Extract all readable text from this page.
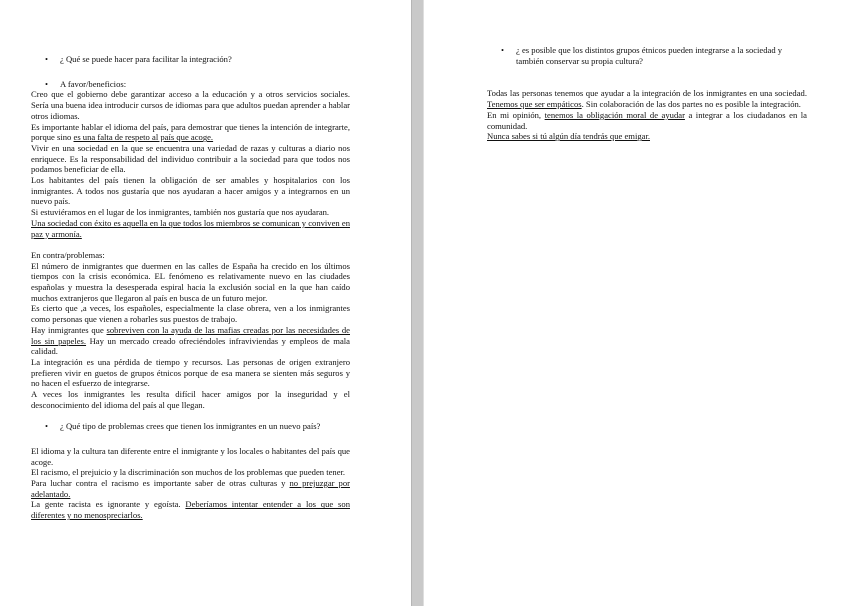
• ¿ Qué se puede hacer para facilitar la integración?

• A favor/beneficios:

Creo que el gobierno debe garantizar acceso a la educación y a otros servicios sociales. Sería una buena idea introducir cursos de idiomas para que adultos puedan aprender a hablar otros idiomas.

Es importante hablar el idioma del país, para demostrar que tienes la intención de integrarte, porque sino es una falta de respeto al país que acoge.

Vivir en una sociedad en la que se encuentra una variedad de razas y culturas a diario nos enriquece. Es la responsabilidad del individuo contribuir a la sociedad para que todos nos podamos beneficiar de ella.

Los habitantes del país tienen la obligación de ser amables y hospitalarios con los inmigrantes. A todos nos gustaría que nos ayudaran a hacer amigos y a integrarnos en un nuevo país.

Si estuviéramos en el lugar de los inmigrantes, también nos gustaría que nos ayudaran.

Una sociedad con éxito es aquella en la que todos los miembros se comunican y conviven en paz y armonía.

En contra/problemas:

El número de inmigrantes que duermen en las calles de España ha crecido en los últimos tiempos con la crisis económica. EL fenómeno es relativamente nuevo en las ciudades españolas y muestra la desesperada espiral hacia la exclusión social en la que han caído muchos extranjeros que llegaron al país en busca de un futuro mejor.

Es cierto que ,a veces, los españoles, especialmente la clase obrera, ven a los inmigrantes como personas que vienen a robarles sus puestos de trabajo.

Hay inmigrantes que sobreviven con la ayuda de las mafias creadas por las necesidades de los sin papeles. Hay un mercado creado ofreciéndoles infraviviendas y empleos de mala calidad.

La integración es una pérdida de tiempo y recursos. Las personas de origen extranjero prefieren vivir en guetos de grupos étnicos porque de esa manera se sienten más seguros y no hacen el esfuerzo de integrarse.

A veces los inmigrantes les resulta difícil hacer amigos por la inseguridad y el desconocimiento del idioma del país al que llegan.

• ¿ Qué tipo de problemas crees que tienen los inmigrantes en un nuevo país?

El idioma y la cultura tan diferente entre el inmigrante y los locales o habitantes del país que acoge.

El racismo, el prejuicio y la discriminación son muchos de los problemas que pueden tener.

Para luchar contra el racismo es importante saber de otras culturas y no prejuzgar por adelantado.

La gente racista es ignorante y egoísta. Deberíamos intentar entender a los que son diferentes y no menospreciarlos.

• ¿ es posible que los distintos grupos étnicos pueden integrarse a la sociedad y también conservar su propia cultura?

Todas las personas tenemos que ayudar a la integración de los inmigrantes en una sociedad. Tenemos que ser empáticos. Sin colaboración de las dos partes no es posible la integración.

En mi opinión, tenemos la obligación moral de ayudar a integrar a los ciudadanos en la comunidad.

Nunca sabes si tú algún día tendrás que emigar.
